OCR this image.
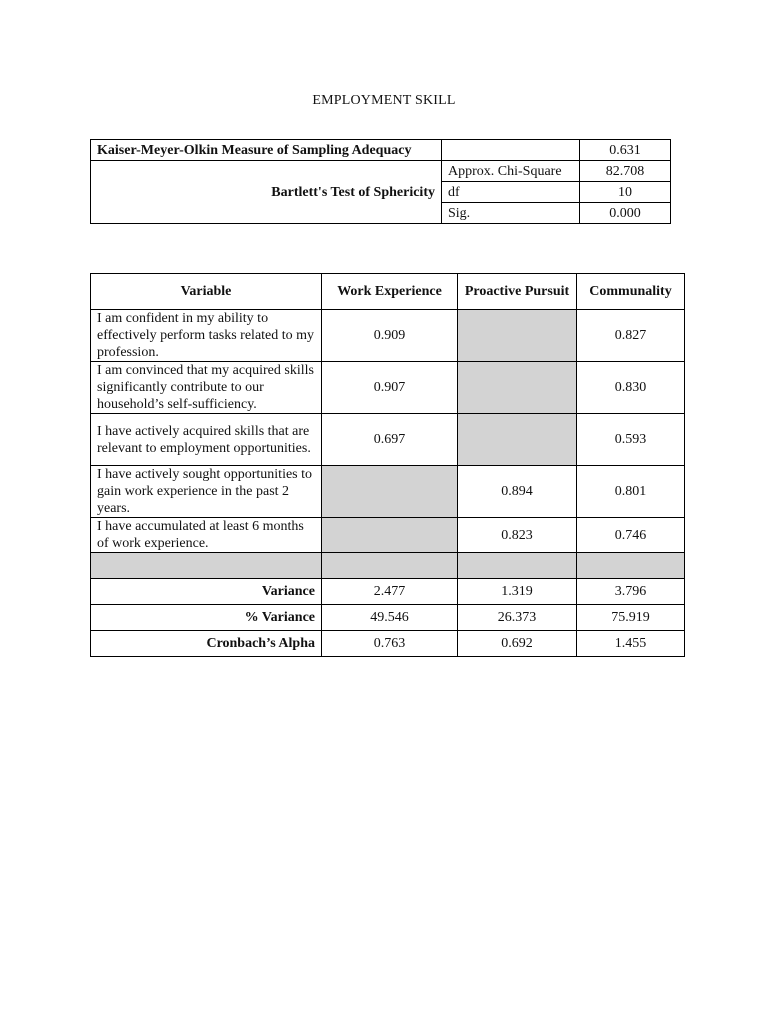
EMPLOYMENT SKILL
Kaiser-Meyer-Olkin Measure of Sampling Adequacy		0.631
Bartlett's Test of Sphericity	Approx. Chi-Square	82.708
	df	10
	Sig.	0.000
Variable	Work Experience	Proactive Pursuit	Communality
I am confident in my ability to effectively perform tasks related to my profession.	0.909		0.827
I am convinced that my acquired skills significantly contribute to our household’s self-sufficiency.	0.907		0.830
I have actively acquired skills that are relevant to employment opportunities.	0.697		0.593
I have actively sought opportunities to gain work experience in the past 2 years.		0.894	0.801
I have accumulated at least 6 months of work experience.		0.823	0.746

Variance	2.477	1.319	3.796
% Variance	49.546	26.373	75.919
Cronbach’s Alpha	0.763	0.692	1.455
